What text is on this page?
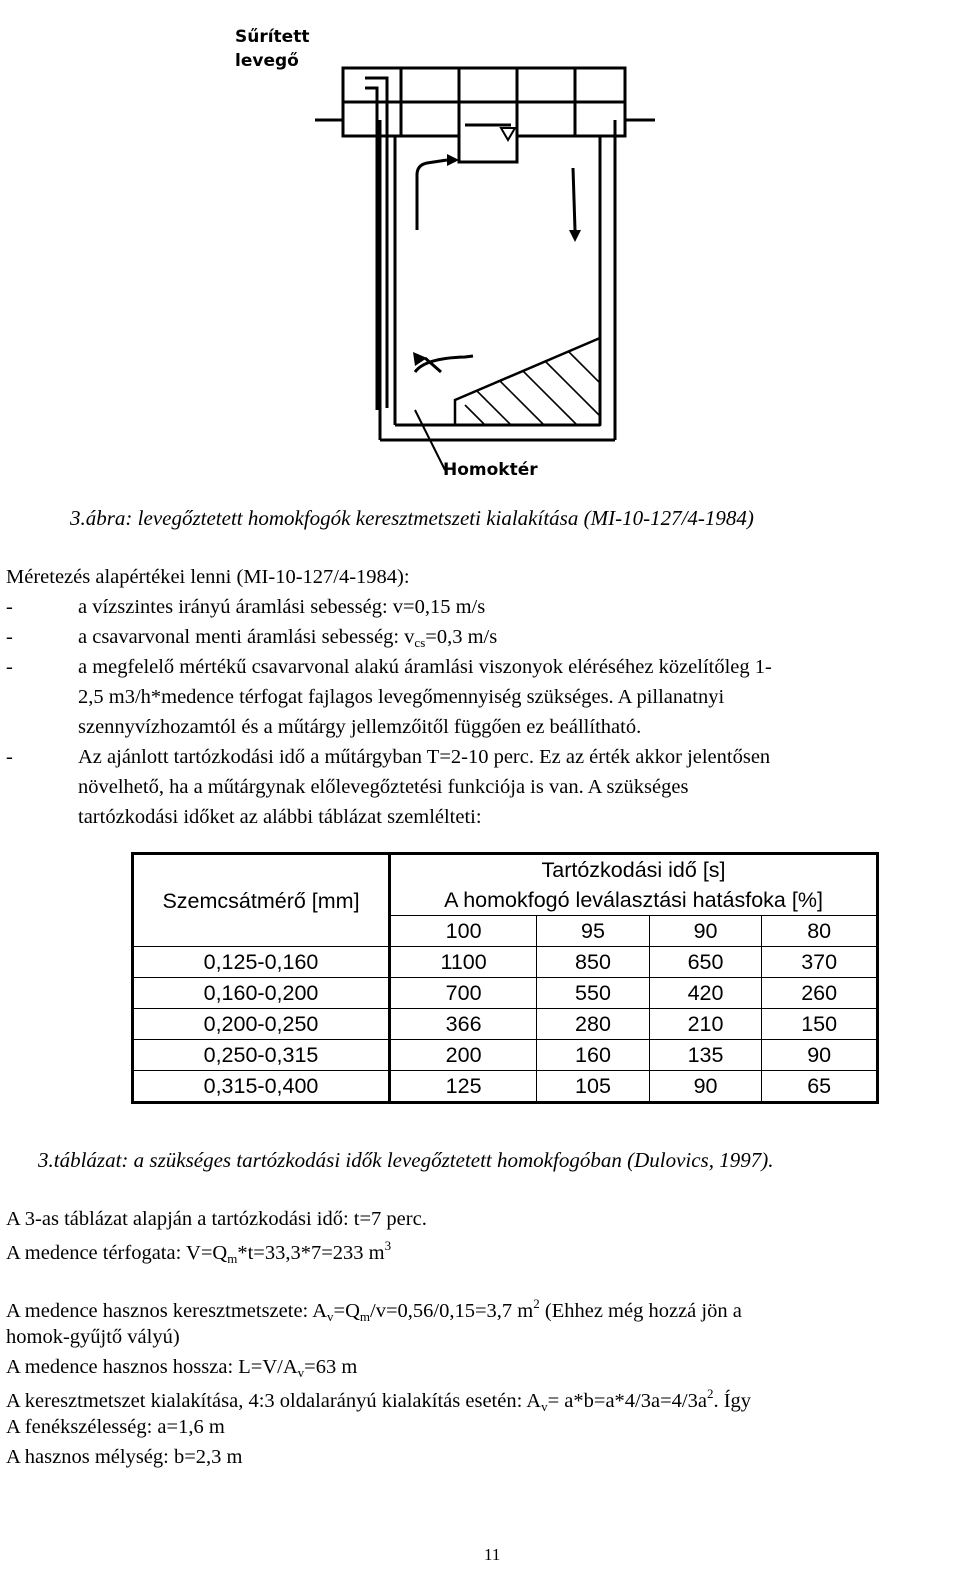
Sűrített
levegő
Homoktér
3.ábra: levegőztetett homokfogók keresztmetszeti kialakítása (MI-10-127/4-1984)
Méretezés alapértékei lenni (MI-10-127/4-1984):
-	a vízszintes irányú áramlási sebesség: v=0,15 m/s
-	a csavarvonal menti áramlási sebesség: $v_{cs}=0,3$ m/s
-	a megfelelő mértékű csavarvonal alakú áramlási viszonyok eléréséhez közelítőleg 1-
2,5 m3/h*medence térfogat fajlagos levegőmennyiség szükséges. A pillanatnyi
szennyvízhozamtól és a műtárgy jellemzőitől függően ez beállítható.
-	Az ajánlott tartózkodási idő a műtárgyban T=2-10 perc. Ez az érték akkor jelentősen
növelhető, ha a műtárgynak előlevegőztetési funkciója is van. A szükséges
tartózkodási időket az alábbi táblázat szemlélteti:
Szemcsátmérő [mm]	Tartózkodási idő [s]			
	A homokfogó leválasztási hatásfoka [%]			
	100	95	90	80
0,125-0,160	1100	850	650	370
0,160-0,200	700	550	420	260
0,200-0,250	366	280	210	150
0,250-0,315	200	160	135	90
0,315-0,400	125	105	90	65
3.táblázat: a szükséges tartózkodási idők levegőztetett homokfogóban (Dulovics, 1997).
A 3-as táblázat alapján a tartózkodási idő: t=7 perc.
A medence térfogata: $V=Q_m*t=33,3*7=233$ $m^3$
A medence hasznos keresztmetszete: $A_v=Q_m/v=0,56/0,15=3,7$ $m^2$ (Ehhez még hozzá jön a
homok-gyűjtő vályú)
A medence hasznos hossza: $L=V/A_v=63$ m
A keresztmetszet kialakítása, 4:3 oldalarányú kialakítás esetén: $A_v= a*b=a*4/3a=4/3a^2$. Így
A fenékszélesség: a=1,6 m
A hasznos mélység: b=2,3 m
11
